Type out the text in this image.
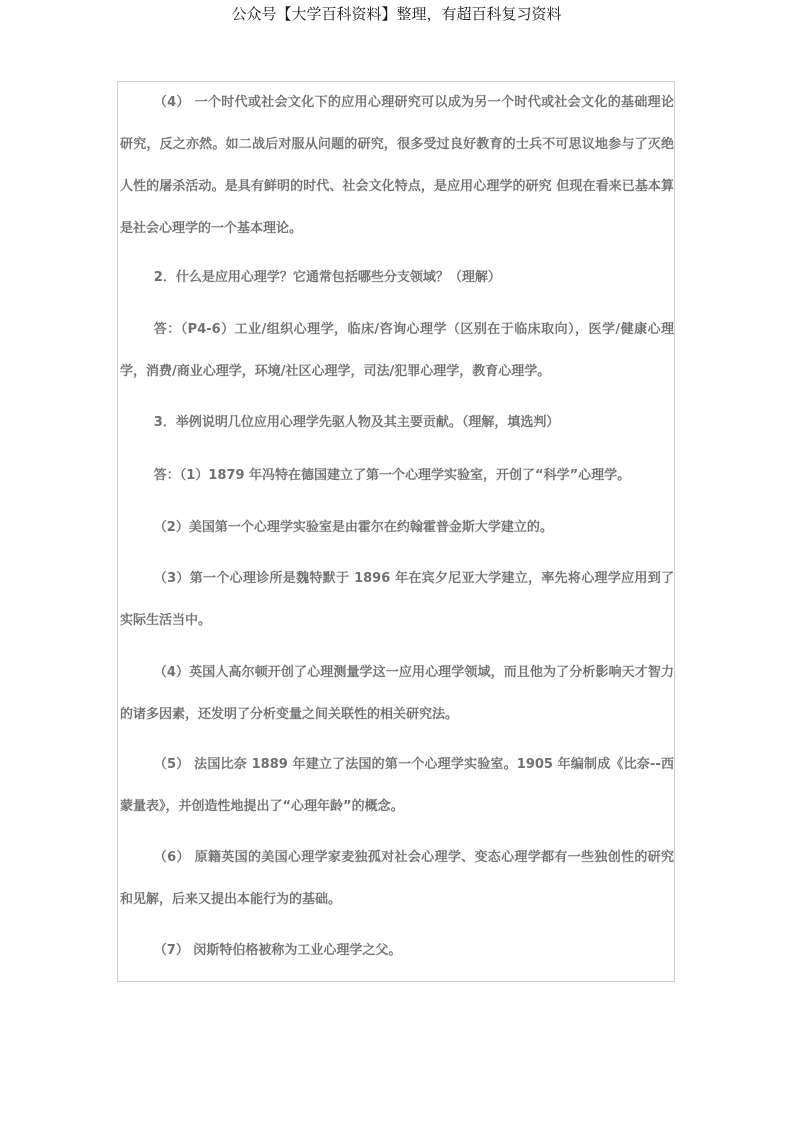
公众号【大学百科资料】整理，有超百科复习资料

（4） 一个时代或社会文化下的应用心理研究可以成为另一个时代或社会文化的基础理论研究，反之亦然。如二战后对服从问题的研究，很多受过良好教育的士兵不可思议地参与了灭绝人性的屠杀活动。是具有鲜明的时代、社会文化特点，是应用心理学的研究 但现在看来已基本算是社会心理学的一个基本理论。

2．什么是应用心理学？它通常包括哪些分支领域？（理解）

答：（P4-6）工业/组织心理学，临床/咨询心理学（区别在于临床取向），医学/健康心理学，消费/商业心理学，环境/社区心理学，司法/犯罪心理学，教育心理学。

3．举例说明几位应用心理学先驱人物及其主要贡献。（理解，填选判）

答：（1）1879 年冯特在德国建立了第一个心理学实验室，开创了“科学”心理学。

（2）美国第一个心理学实验室是由霍尔在约翰霍普金斯大学建立的。

（3）第一个心理诊所是魏特默于 1896 年在宾夕尼亚大学建立，率先将心理学应用到了实际生活当中。

（4）英国人高尔顿开创了心理测量学这一应用心理学领域，而且他为了分析影响天才智力的诸多因素，还发明了分析变量之间关联性的相关研究法。

（5） 法国比奈 1889 年建立了法国的第一个心理学实验室。1905 年编制成《比奈--西蒙量表》，并创造性地提出了“心理年龄”的概念。

（6） 原籍英国的美国心理学家麦独孤对社会心理学、变态心理学都有一些独创性的研究和见解，后来又提出本能行为的基础。

（7） 闵斯特伯格被称为工业心理学之父。
